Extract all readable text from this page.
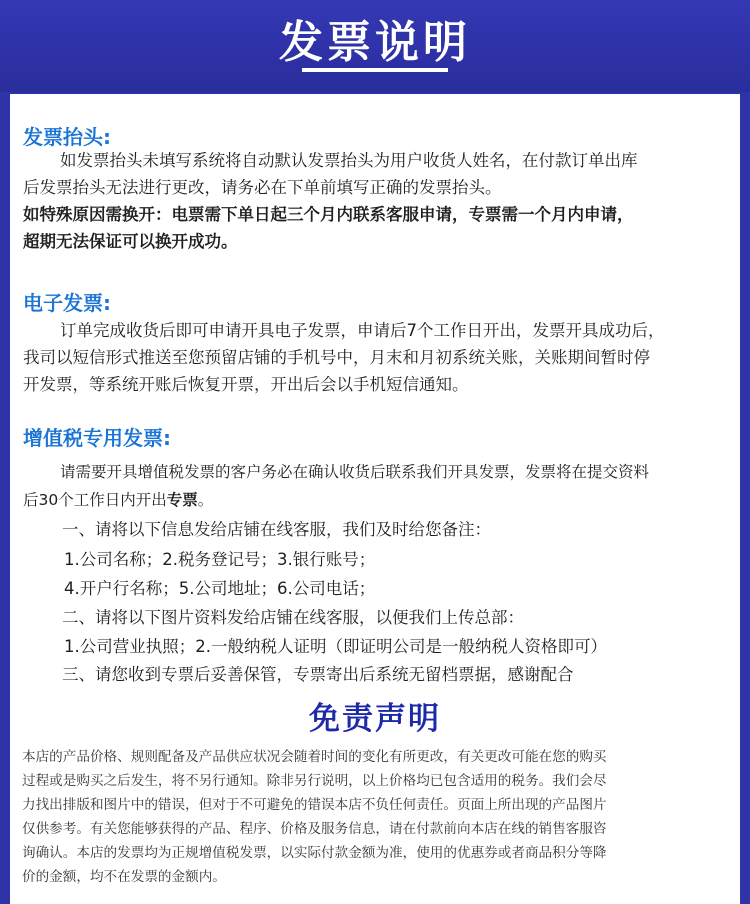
发票说明
发票抬头:
如发票抬头未填写系统将自动默认发票抬头为用户收货人姓名，在付款订单出库
后发票抬头无法进行更改，请务必在下单前填写正确的发票抬头。
如特殊原因需换开：电票需下单日起三个月内联系客服申请，专票需一个月内申请，
超期无法保证可以换开成功。
电子发票:
订单完成收货后即可申请开具电子发票，申请后7个工作日开出，发票开具成功后，
我司以短信形式推送至您预留店铺的手机号中，月末和月初系统关账，关账期间暂时停
开发票，等系统开账后恢复开票，开出后会以手机短信通知。
增值税专用发票:
请需要开具增值税发票的客户务必在确认收货后联系我们开具发票，发票将在提交资料
后30个工作日内开出专票。
一、请将以下信息发给店铺在线客服，我们及时给您备注：
1.公司名称；2.税务登记号；3.银行账号；
4.开户行名称；5.公司地址；6.公司电话；
二、请将以下图片资料发给店铺在线客服，以便我们上传总部：
1.公司营业执照；2.一般纳税人证明（即证明公司是一般纳税人资格即可）
三、请您收到专票后妥善保管，专票寄出后系统无留档票据，感谢配合
免责声明
本店的产品价格、规则配备及产品供应状况会随着时间的变化有所更改，有关更改可能在您的购买
过程或是购买之后发生，将不另行通知。除非另行说明，以上价格均已包含适用的税务。我们会尽
力找出排版和图片中的错误，但对于不可避免的错误本店不负任何责任。页面上所出现的产品图片
仅供参考。有关您能够获得的产品、程序、价格及服务信息，请在付款前向本店在线的销售客服咨
询确认。本店的发票均为正规增值税发票，以实际付款金额为准，使用的优惠券或者商品积分等降
价的金额，均不在发票的金额内。
